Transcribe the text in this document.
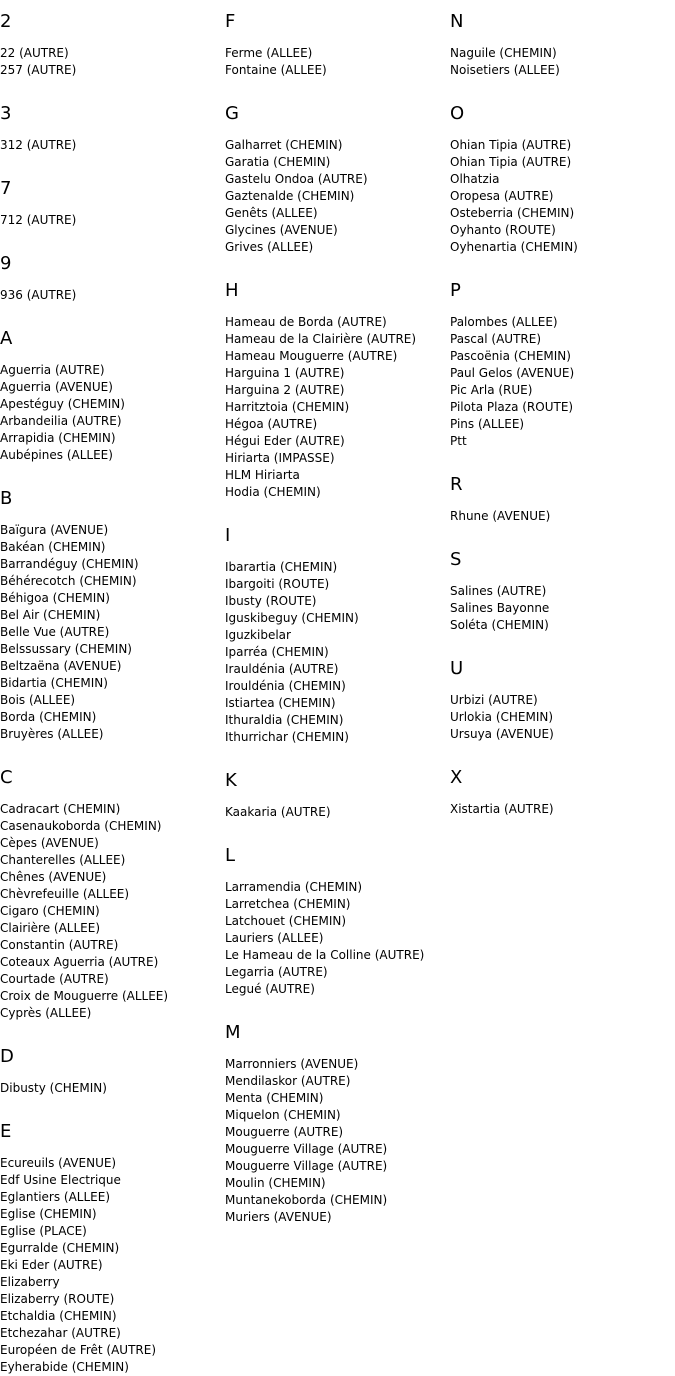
2
22 (AUTRE)
257 (AUTRE)
3
312 (AUTRE)
7
712 (AUTRE)
9
936 (AUTRE)
A
Aguerria (AUTRE)
Aguerria (AVENUE)
Apestéguy (CHEMIN)
Arbandeilia (AUTRE)
Arrapidia (CHEMIN)
Aubépines (ALLEE)
B
Baïgura (AVENUE)
Bakéan (CHEMIN)
Barrandéguy (CHEMIN)
Béhérecotch (CHEMIN)
Béhigoa (CHEMIN)
Bel Air (CHEMIN)
Belle Vue (AUTRE)
Belssussary (CHEMIN)
Beltzaëna (AVENUE)
Bidartia (CHEMIN)
Bois (ALLEE)
Borda (CHEMIN)
Bruyères (ALLEE)
C
Cadracart (CHEMIN)
Casenaukoborda (CHEMIN)
Cèpes (AVENUE)
Chanterelles (ALLEE)
Chênes (AVENUE)
Chèvrefeuille (ALLEE)
Cigaro (CHEMIN)
Clairière (ALLEE)
Constantin (AUTRE)
Coteaux Aguerria (AUTRE)
Courtade (AUTRE)
Croix de Mouguerre (ALLEE)
Cyprès (ALLEE)
D
Dibusty (CHEMIN)
E
Ecureuils (AVENUE)
Edf Usine Electrique
Eglantiers (ALLEE)
Eglise (CHEMIN)
Eglise (PLACE)
Egurralde (CHEMIN)
Eki Eder (AUTRE)
Elizaberry
Elizaberry (ROUTE)
Etchaldia (CHEMIN)
Etchezahar (AUTRE)
Européen de Frêt (AUTRE)
Eyherabide (CHEMIN)
F
Ferme (ALLEE)
Fontaine (ALLEE)
G
Galharret (CHEMIN)
Garatia (CHEMIN)
Gastelu Ondoa (AUTRE)
Gaztenalde (CHEMIN)
Genêts (ALLEE)
Glycines (AVENUE)
Grives (ALLEE)
H
Hameau de Borda (AUTRE)
Hameau de la Clairière (AUTRE)
Hameau Mouguerre (AUTRE)
Harguina 1 (AUTRE)
Harguina 2 (AUTRE)
Harritztoia (CHEMIN)
Hégoa (AUTRE)
Hégui Eder (AUTRE)
Hiriarta (IMPASSE)
HLM Hiriarta
Hodia (CHEMIN)
I
Ibarartia (CHEMIN)
Ibargoiti (ROUTE)
Ibusty (ROUTE)
Iguskibeguy (CHEMIN)
Iguzkibelar
Iparréa (CHEMIN)
Irauldénia (AUTRE)
Irouldénia (CHEMIN)
Istiartea (CHEMIN)
Ithuraldia (CHEMIN)
Ithurrichar (CHEMIN)
K
Kaakaria (AUTRE)
L
Larramendia (CHEMIN)
Larretchea (CHEMIN)
Latchouet (CHEMIN)
Lauriers (ALLEE)
Le Hameau de la Colline (AUTRE)
Legarria (AUTRE)
Legué (AUTRE)
M
Marronniers (AVENUE)
Mendilaskor (AUTRE)
Menta (CHEMIN)
Miquelon (CHEMIN)
Mouguerre (AUTRE)
Mouguerre Village (AUTRE)
Mouguerre Village (AUTRE)
Moulin (CHEMIN)
Muntanekoborda (CHEMIN)
Muriers (AVENUE)
N
Naguile (CHEMIN)
Noisetiers (ALLEE)
O
Ohian Tipia (AUTRE)
Ohian Tipia (AUTRE)
Olhatzia
Oropesa (AUTRE)
Osteberria (CHEMIN)
Oyhanto (ROUTE)
Oyhenartia (CHEMIN)
P
Palombes (ALLEE)
Pascal (AUTRE)
Pascoënia (CHEMIN)
Paul Gelos (AVENUE)
Pic Arla (RUE)
Pilota Plaza (ROUTE)
Pins (ALLEE)
Ptt
R
Rhune (AVENUE)
S
Salines (AUTRE)
Salines Bayonne
Soléta (CHEMIN)
U
Urbizi (AUTRE)
Urlokia (CHEMIN)
Ursuya (AVENUE)
X
Xistartia (AUTRE)
